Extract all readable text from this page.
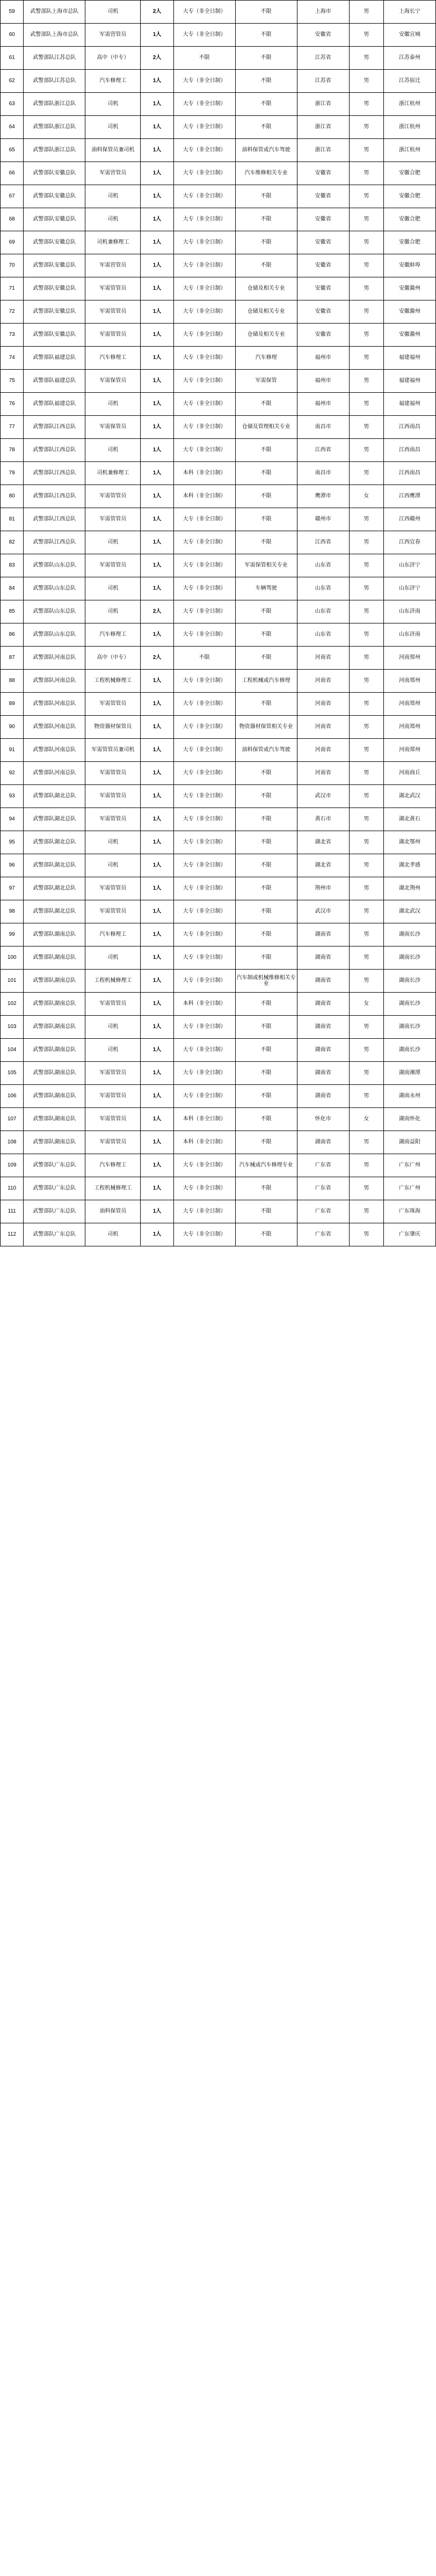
59	武警部队上海市总队	司机	2人	大专（非全日制）	不限	上海市	男	上海长宁
60	武警部队上海市总队	军需营管员	1人	大专（非全日制）	不限	安徽省	男	安徽宣城
61	武警部队江苏总队	高中（中专）	2人	不限	不限	江苏省	男	江苏泰州
62	武警部队江苏总队	汽车修理工	1人	大专（非全日制）	不限	江苏省	男	江苏宿迁
63	武警部队浙江总队	司机	1人	大专（非全日制）	不限	浙江省	男	浙江杭州
64	武警部队浙江总队	司机	1人	大专（非全日制）	不限	浙江省	男	浙江杭州
65	武警部队浙江总队	油料保管员兼司机	1人	大专（非全日制）	油料保管或汽车驾驶	浙江省	男	浙江杭州
66	武警部队安徽总队	军需营管员	1人	大专（非全日制）	汽车维修相关专业	安徽省	男	安徽合肥
67	武警部队安徽总队	司机	1人	大专（非全日制）	不限	安徽省	男	安徽合肥
68	武警部队安徽总队	司机	1人	大专（非全日制）	不限	安徽省	男	安徽合肥
69	武警部队安徽总队	司机兼修理工	1人	大专（非全日制）	不限	安徽省	男	安徽合肥
70	武警部队安徽总队	军需营管员	1人	大专（非全日制）	不限	安徽省	男	安徽蚌埠
71	武警部队安徽总队	军需管管员	1人	大专（非全日制）	仓储及相关专业	安徽省	男	安徽滁州
72	武警部队安徽总队	军需管管员	1人	大专（非全日制）	仓储及相关专业	安徽省	男	安徽滁州
73	武警部队安徽总队	军需管管员	1人	大专（非全日制）	仓储及相关专业	安徽省	男	安徽滁州
74	武警部队福建总队	汽车修理工	1人	大专（非全日制）	汽车修理	福州市	男	福建福州
75	武警部队福建总队	军需保管员	1人	大专（非全日制）	军需保管	福州市	男	福建福州
76	武警部队福建总队	司机	1人	大专（非全日制）	不限	福州市	男	福建福州
77	武警部队江西总队	军需保管员	1人	大专（非全日制）	仓储及管理相关专业	南昌市	男	江西南昌
78	武警部队江西总队	司机	1人	大专（非全日制）	不限	江西省	男	江西南昌
79	武警部队江西总队	司机兼修理工	1人	本科（非全日制）	不限	南昌市	男	江西南昌
80	武警部队江西总队	军需管管员	1人	本科（非全日制）	不限	鹰潭市	女	江西鹰潭
81	武警部队江西总队	军需管管员	1人	大专（非全日制）	不限	赣州市	男	江西赣州
82	武警部队江西总队	司机	1人	大专（非全日制）	不限	江西省	男	江西宜春
83	武警部队山东总队	军需管管员	1人	大专（非全日制）	军需保管相关专业	山东省	男	山东济宁
84	武警部队山东总队	司机	1人	大专（非全日制）	车辆驾驶	山东省	男	山东济宁
85	武警部队山东总队	司机	2人	大专（非全日制）	不限	山东省	男	山东济南
86	武警部队山东总队	汽车修理工	1人	大专（非全日制）	不限	山东省	男	山东济南
87	武警部队河南总队	高中（中专）	2人	不限	不限	河南省	男	河南郑州
88	武警部队河南总队	工程机械修理工	1人	大专（非全日制）	工程机械或汽车修理	河南省	男	河南郑州
89	武警部队河南总队	军需管管员	1人	大专（非全日制）	不限	河南省	男	河南郑州
90	武警部队河南总队	物资器材保管员	1人	大专（非全日制）	物资器材保管相关专业	河南省	男	河南郑州
91	武警部队河南总队	军需管管员兼司机	1人	大专（非全日制）	油料保管或汽车驾驶	河南省	男	河南郑州
92	武警部队河南总队	军需管管员	1人	大专（非全日制）	不限	河南省	男	河南商丘
93	武警部队湖北总队	军需管管员	1人	大专（非全日制）	不限	武汉市	男	湖北武汉
94	武警部队湖北总队	军需管管员	1人	大专（非全日制）	不限	黄石市	男	湖北黄石
95	武警部队湖北总队	司机	1人	大专（非全日制）	不限	湖北省	男	湖北鄂州
96	武警部队湖北总队	司机	1人	大专（非全日制）	不限	湖北省	男	湖北孝感
97	武警部队湖北总队	军需管管员	1人	大专（非全日制）	不限	荆州市	男	湖北荆州
98	武警部队湖北总队	军需管管员	1人	大专（非全日制）	不限	武汉市	男	湖北武汉
99	武警部队湖南总队	汽车修理工	1人	大专（非全日制）	不限	湖南省	男	湖南长沙
100	武警部队湖南总队	司机	1人	大专（非全日制）	不限	湖南省	男	湖南长沙
101	武警部队湖南总队	工程机械修理工	1人	大专（非全日制）	汽车制或机械维修相关专业	湖南省	男	湖南长沙
102	武警部队湖南总队	军需管管员	1人	本科（非全日制）	不限	湖南省	女	湖南长沙
103	武警部队湖南总队	司机	1人	大专（非全日制）	不限	湖南省	男	湖南长沙
104	武警部队湖南总队	司机	1人	大专（非全日制）	不限	湖南省	男	湖南长沙
105	武警部队湖南总队	军需管管员	1人	大专（非全日制）	不限	湖南省	男	湖南湘潭
106	武警部队湖南总队	军需管管员	1人	大专（非全日制）	不限	湖南省	男	湖南永州
107	武警部队湖南总队	军需管管员	1人	本科（非全日制）	不限	怀化市	女	湖南怀化
108	武警部队湖南总队	军需管管员	1人	本科（非全日制）	不限	湖南省	男	湖南益阳
109	武警部队广东总队	汽车修理工	1人	大专（非全日制）	汽车械或汽车修理专业	广东省	男	广东广州
110	武警部队广东总队	工程机械修理工	1人	大专（非全日制）	不限	广东省	男	广东广州
111	武警部队广东总队	油料保管员	1人	大专（非全日制）	不限	广东省	男	广东珠海
112	武警部队广东总队	司机	1人	大专（非全日制）	不限	广东省	男	广东肇庆
